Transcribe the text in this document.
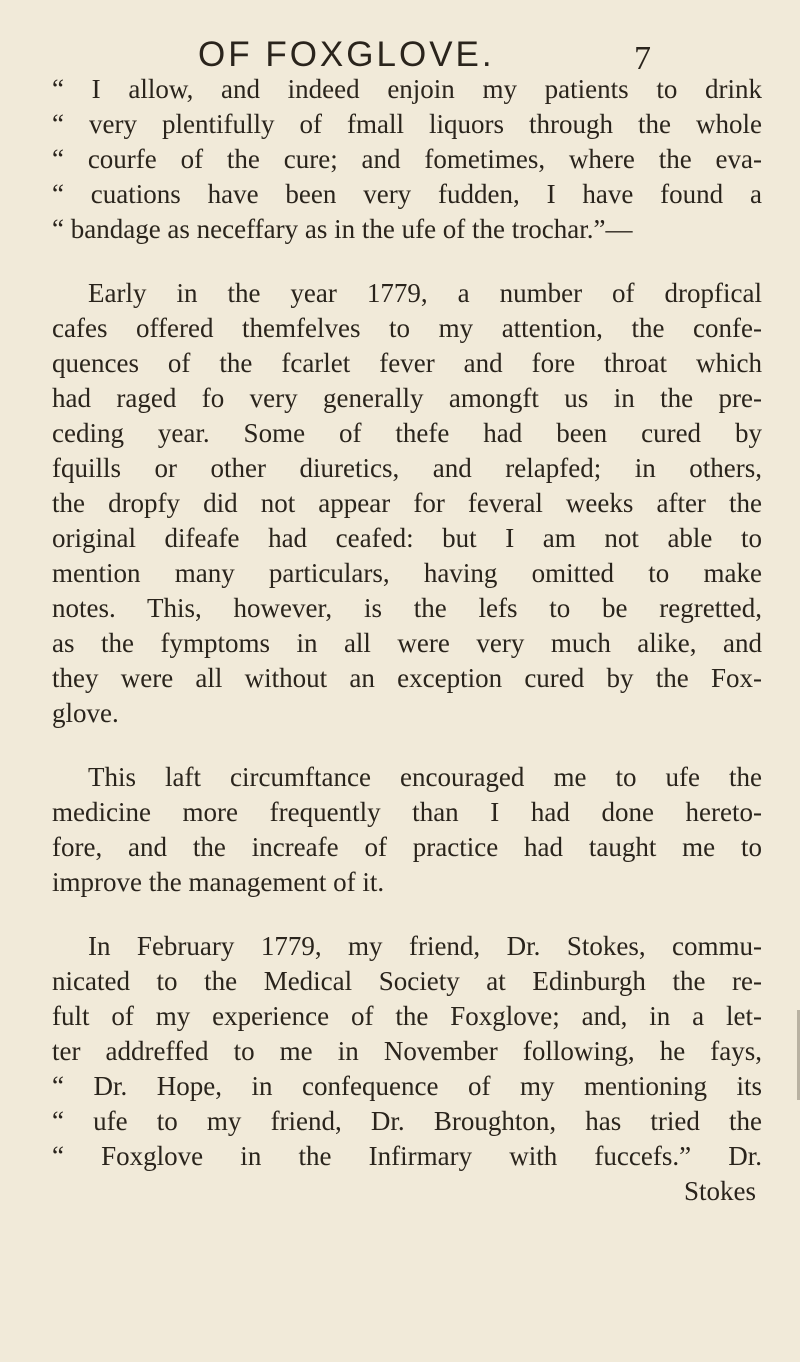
OF FOXGLOVE.	7
“ I allow, and indeed enjoin my patients to drink
“ very plentifully of fmall liquors through the whole
“ courfe of the cure; and fometimes, where the eva-
“ cuations have been very fudden, I have found a
“ bandage as neceffary as in the ufe of the trochar.”—
Early in the year 1779, a number of dropfical
cafes offered themfelves to my attention, the confe-
quences of the fcarlet fever and fore throat which
had raged fo very generally amongft us in the pre-
ceding year. Some of thefe had been cured by
fquills or other diuretics, and relapfed; in others,
the dropfy did not appear for feveral weeks after the
original difeafe had ceafed: but I am not able to
mention many particulars, having omitted to make
notes. This, however, is the lefs to be regretted,
as the fymptoms in all were very much alike, and
they were all without an exception cured by the Fox-
glove.
This laft circumftance encouraged me to ufe the
medicine more frequently than I had done hereto-
fore, and the increafe of practice had taught me to
improve the management of it.
In February 1779, my friend, Dr. Stokes, commu-
nicated to the Medical Society at Edinburgh the re-
fult of my experience of the Foxglove; and, in a let-
ter addreffed to me in November following, he fays,
“ Dr. Hope, in confequence of my mentioning its
“ ufe to my friend, Dr. Broughton, has tried the
“ Foxglove in the Infirmary with fuccefs.” Dr.
Stokes
